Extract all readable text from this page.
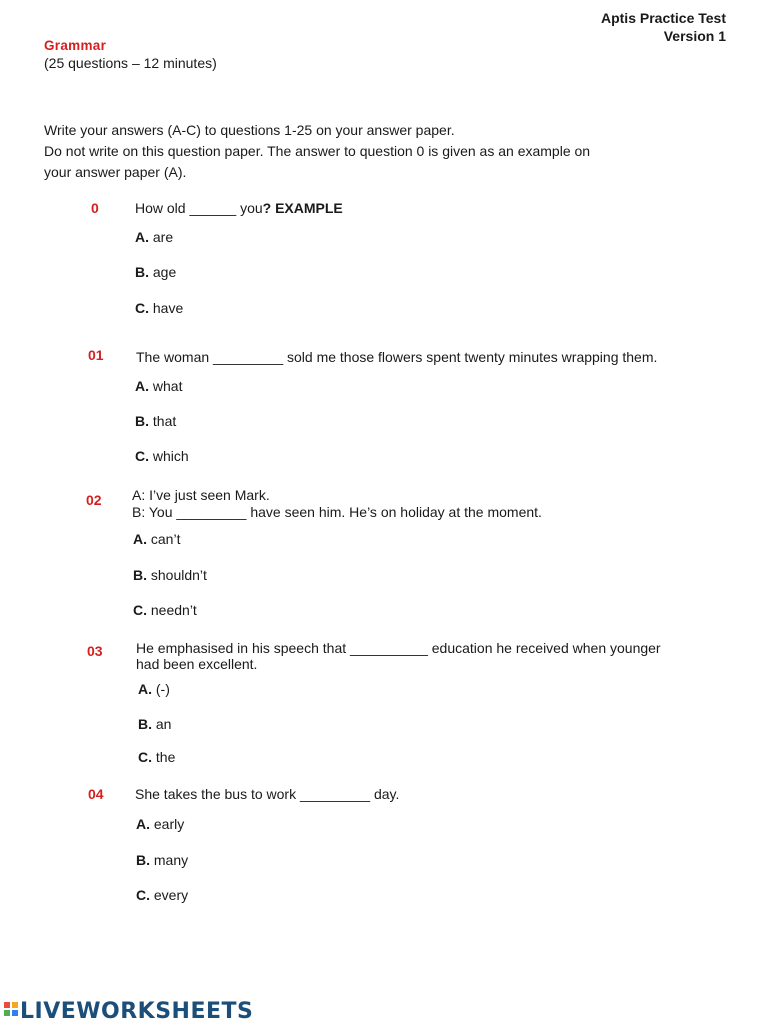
Aptis Practice Test
Version 1
Grammar
(25 questions – 12 minutes)
Write your answers (A-C) to questions 1-25 on your answer paper.
Do not write on this question paper. The answer to question 0 is given as an example on
your answer paper (A).
0	How old ______ you? EXAMPLE
A. are
B. age
C. have
01 The woman _________ sold me those flowers spent twenty minutes wrapping them.
A. what
B. that
C. which
02 A: I’ve just seen Mark.
B: You _________ have seen him. He’s on holiday at the moment.
A. can’t
B. shouldn’t
C. needn’t
03 He emphasised in his speech that __________ education he received when younger
had been excellent.
A. (-)
B. an
C. the
04 She takes the bus to work _________ day.
A. early
B. many
C. every
LIVEWORKSHEETS
